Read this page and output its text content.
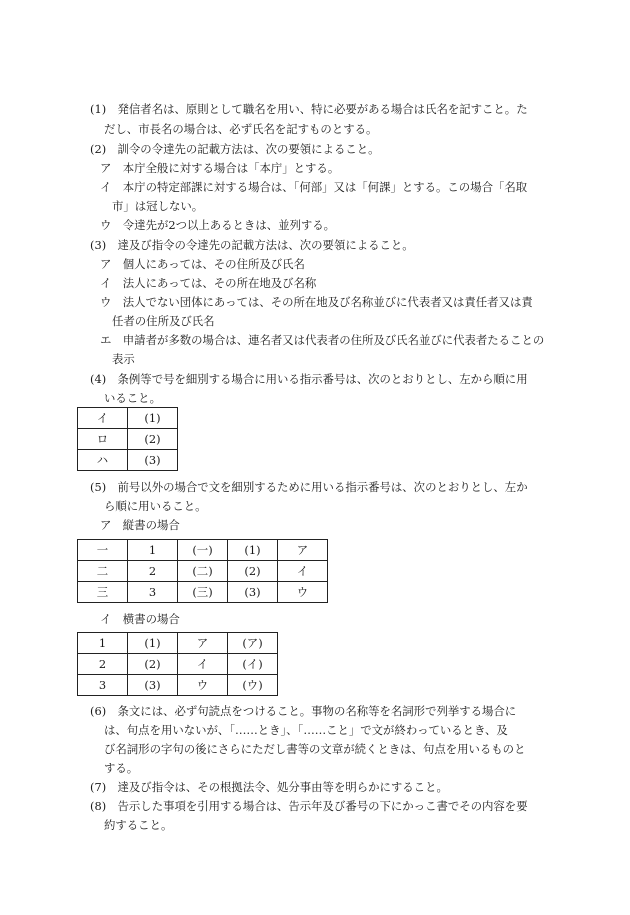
(1)　発信者名は、原則として職名を用い、特に必要がある場合は氏名を記すこと。た
だし、市長名の場合は、必ず氏名を記すものとする。
(2)　訓令の令達先の記載方法は、次の要領によること。
ア　本庁全般に対する場合は「本庁」とする。
イ　本庁の特定部課に対する場合は、「何部」又は「何課」とする。この場合「名取
市」は冠しない。
ウ　令達先が2つ以上あるときは、並列する。
(3)　達及び指令の令達先の記載方法は、次の要領によること。
ア　個人にあっては、その住所及び氏名
イ　法人にあっては、その所在地及び名称
ウ　法人でない団体にあっては、その所在地及び名称並びに代表者又は責任者又は責
任者の住所及び氏名
エ　申請者が多数の場合は、連名者又は代表者の住所及び氏名並びに代表者たることの
表示
(4)　条例等で号を細別する場合に用いる指示番号は、次のとおりとし、左から順に用
いること。
イ	(1)
ロ	(2)
ハ	(3)
(5)　前号以外の場合で文を細別するために用いる指示番号は、次のとおりとし、左か
ら順に用いること。
ア　縦書の場合
一	1	(一)	(1)	ア
二	2	(二)	(2)	イ
三	3	(三)	(3)	ウ
イ　横書の場合
1	(1)	ア	(ア)
2	(2)	イ	(イ)
3	(3)	ウ	(ウ)
(6)　条文には、必ず句読点をつけること。事物の名称等を名詞形で列挙する場合に
は、句点を用いないが、「……とき」、「……こと」で文が終わっているとき、及
び名詞形の字句の後にさらにただし書等の文章が続くときは、句点を用いるものと
する。
(7)　達及び指令は、その根拠法令、処分事由等を明らかにすること。
(8)　告示した事項を引用する場合は、告示年及び番号の下にかっこ書でその内容を要
約すること。
